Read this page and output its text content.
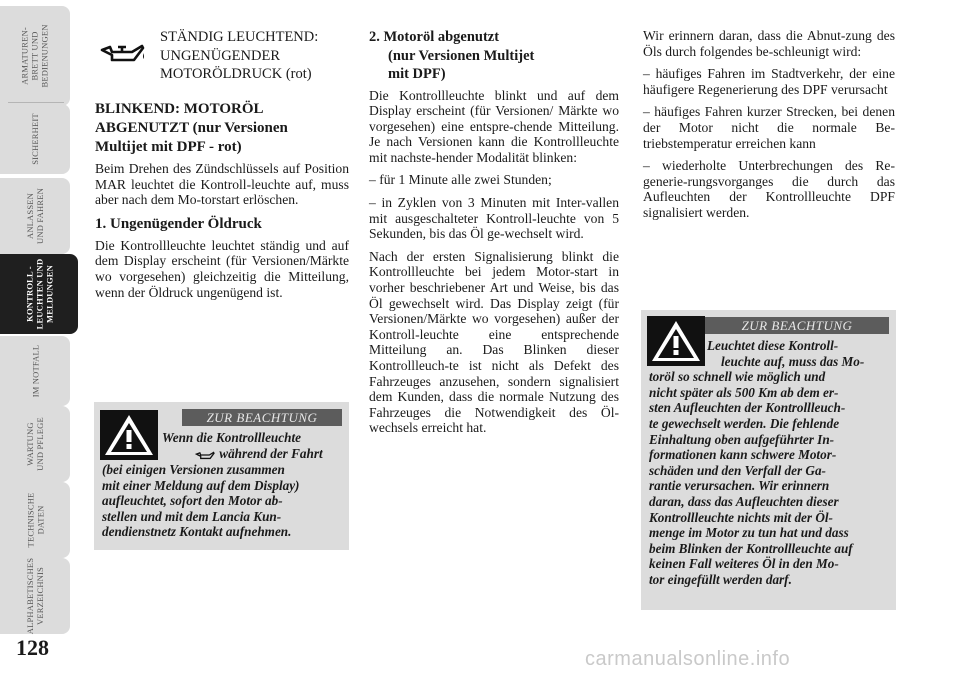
ARMATUREN-
BRETT UND
BEDIENUNGEN
SICHERHEIT
ANLASSEN
UND FAHREN
KONTROLL -
LEUCHTEN UND
MELDUNGEN
IM NOTFALL
WARTUNG
UND PFLEGE
TECHNISCHE
DATEN
ALPHABETISCHES
VERZEICHNIS
128
STÄNDIG LEUCHTEND:
UNGENÜGENDER
MOTORÖLDRUCK (rot)
BLINKEND: MOTORÖL
ABGENUTZT (nur Versionen
Multijet mit DPF - rot)

Beim Drehen des Zündschlüssels auf Position MAR leuchtet die Kontroll-leuchte auf, muss aber nach dem Mo-torstart erlöschen.

1. Ungenügender Öldruck

Die Kontrollleuchte leuchtet ständig und auf dem Display erscheint (für Versionen/Märkte wo vorgesehen) gleichzeitig die Mitteilung, wenn der Öldruck ungenügend ist.

ZUR BEACHTUNG
Wenn die Kontrollleuchte
während der Fahrt
(bei einigen Versionen zusammen
mit einer Meldung auf dem Display)
aufleuchtet, sofort den Motor ab-
stellen und mit dem Lancia Kun-
dendienstnetz Kontakt aufnehmen.
2. Motoröl abgenutzt
(nur Versionen Multijet
mit DPF)

Die Kontrollleuchte blinkt und auf dem Display erscheint (für Versionen/ Märkte wo vorgesehen) eine entspre-chende Mitteilung. Je nach Versionen kann die Kontrollleuchte mit nachste-hender Modalität blinken:

– für 1 Minute alle zwei Stunden;

– in Zyklen von 3 Minuten mit Inter-vallen mit ausgeschalteter Kontroll-leuchte von 5 Sekunden, bis das Öl ge-wechselt wird.

Nach der ersten Signalisierung blinkt die Kontrollleuchte bei jedem Motor-start in vorher beschriebener Art und Weise, bis das Öl gewechselt wird. Das Display zeigt (für Versionen/Märkte wo vorgesehen) außer der Kontroll-leuchte eine entsprechende Mitteilung an. Das Blinken dieser Kontrollleuch-te ist nicht als Defekt des Fahrzeuges anzusehen, sondern signalisiert dem Kunden, dass die normale Nutzung des Fahrzeuges die Notwendigkeit des Öl-wechsels erreicht hat.

Wir erinnern daran, dass die Abnut-zung des Öls durch folgendes be-schleunigt wird:

– häufiges Fahren im Stadtverkehr, der eine häufigere Regenerierung des DPF verursacht

– häufiges Fahren kurzer Strecken, bei denen der Motor nicht die normale Be-triebstemperatur erreichen kann

– wiederholte Unterbrechungen des Re-generie-rungsvorganges die durch das Aufleuchten der Kontrollleuchte DPF signalisiert werden.

ZUR BEACHTUNG
Leuchtet diese Kontroll-
leuchte auf, muss das Mo-
toröl so schnell wie möglich und
nicht später als 500 Km ab dem er-
sten Aufleuchten der Kontrollleuch-
te gewechselt werden. Die fehlende
Einhaltung oben aufgeführter In-
formationen kann schwere Motor-
schäden und den Verfall der Ga-
rantie verursachen. Wir erinnern
daran, dass das Aufleuchten dieser
Kontrollleuchte nichts mit der Öl-
menge im Motor zu tun hat und dass
beim Blinken der Kontrollleuchte auf
keinen Fall weiteres Öl in den Mo-
tor eingefüllt werden darf.
carmanualsonline.info
